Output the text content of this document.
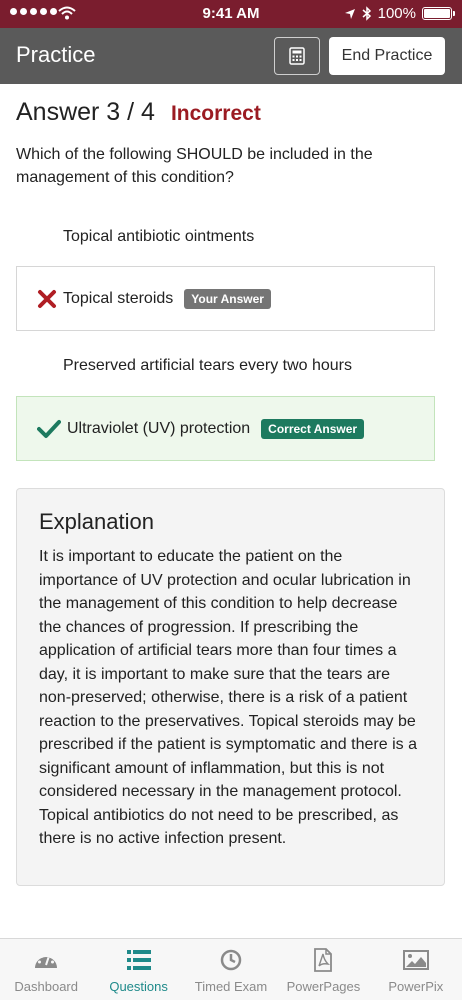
9:41 AM	100%
Practice	End Practice
Answer 3 / 4 Incorrect
Which of the following SHOULD be included in the management of this condition?
Topical antibiotic ointments
Topical steroids	Your Answer
Preserved artificial tears every two hours
Ultraviolet (UV) protection	Correct Answer
Explanation

It is important to educate the patient on the importance of UV protection and ocular lubrication in the management of this condition to help decrease the chances of progression. If prescribing the application of artificial tears more than four times a day, it is important to make sure that the tears are non-preserved; otherwise, there is a risk of a patient reaction to the preservatives. Topical steroids may be prescribed if the patient is symptomatic and there is a significant amount of inflammation, but this is not considered necessary in the management protocol. Topical antibiotics do not need to be prescribed, as there is no active infection present.

Dashboard Questions Timed Exam PowerPages PowerPix
